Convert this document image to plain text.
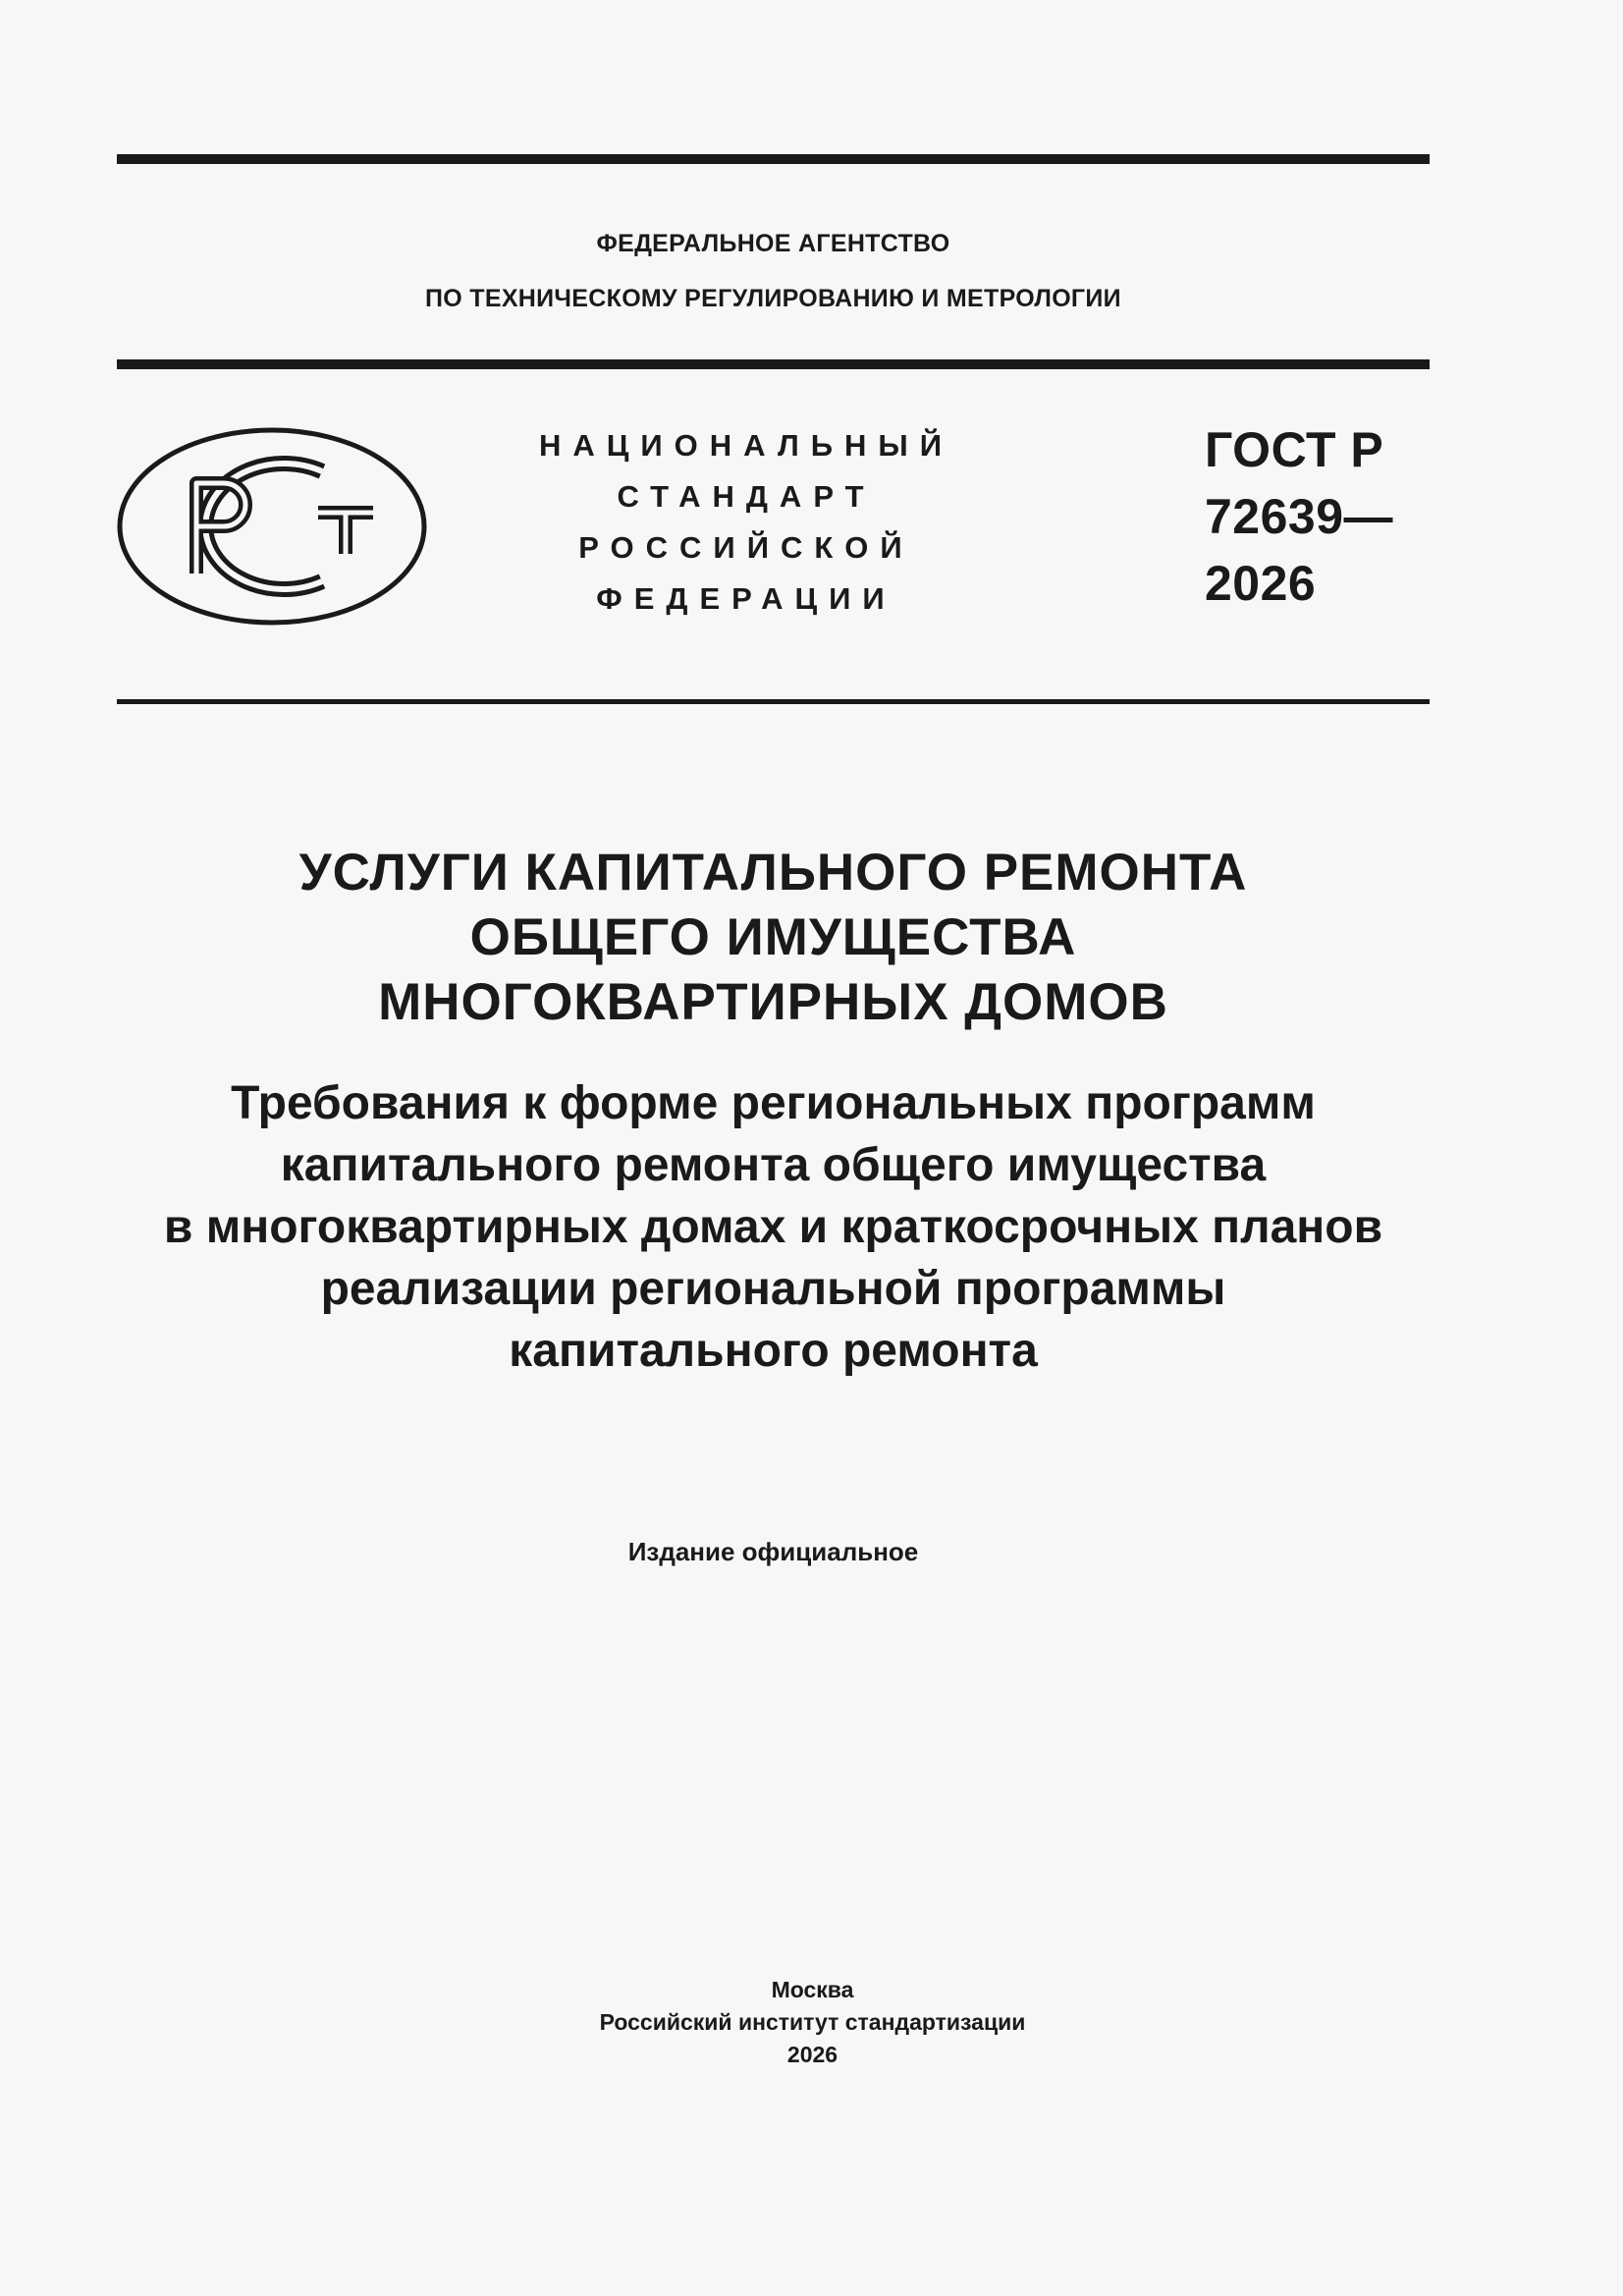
ФЕДЕРАЛЬНОЕ АГЕНТСТВО
ПО ТЕХНИЧЕСКОМУ РЕГУЛИРОВАНИЮ И МЕТРОЛОГИИ
НАЦИОНАЛЬНЫЙ
СТАНДАРТ
РОССИЙСКОЙ
ФЕДЕРАЦИИ
ГОСТ Р
72639—
2026
УСЛУГИ КАПИТАЛЬНОГО РЕМОНТА
ОБЩЕГО ИМУЩЕСТВА
МНОГОКВАРТИРНЫХ ДОМОВ
Требования к форме региональных программ
капитального ремонта общего имущества
в многоквартирных домах и краткосрочных планов
реализации региональной программы
капитального ремонта
Издание официальное
Москва
Российский институт стандартизации
2026
